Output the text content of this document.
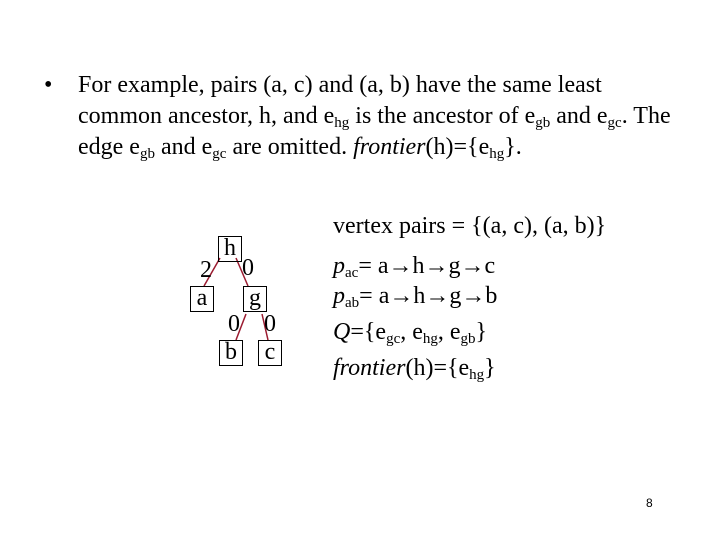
• For example, pairs (a, c) and (a, b) have the same least
common ancestor, h, and $e_{hg}$ is the ancestor of $e_{gb}$ and $e_{gc}$. The
edge $e_{gb}$ and $e_{gc}$ are omitted. $frontier(h)=\{e_{hg}\}$.
h
2 0
a g
0 0
b c
vertex pairs = {(a, c), (a, b)}
$p_{ac}= a\to h\to g\to c$
$p_{ab}= a\to h\to g\to b$
$Q=\{e_{gc}$, $e_{hg}$, $e_{gb}$}
$frontier(h)=\{e_{hg}\}$
8
